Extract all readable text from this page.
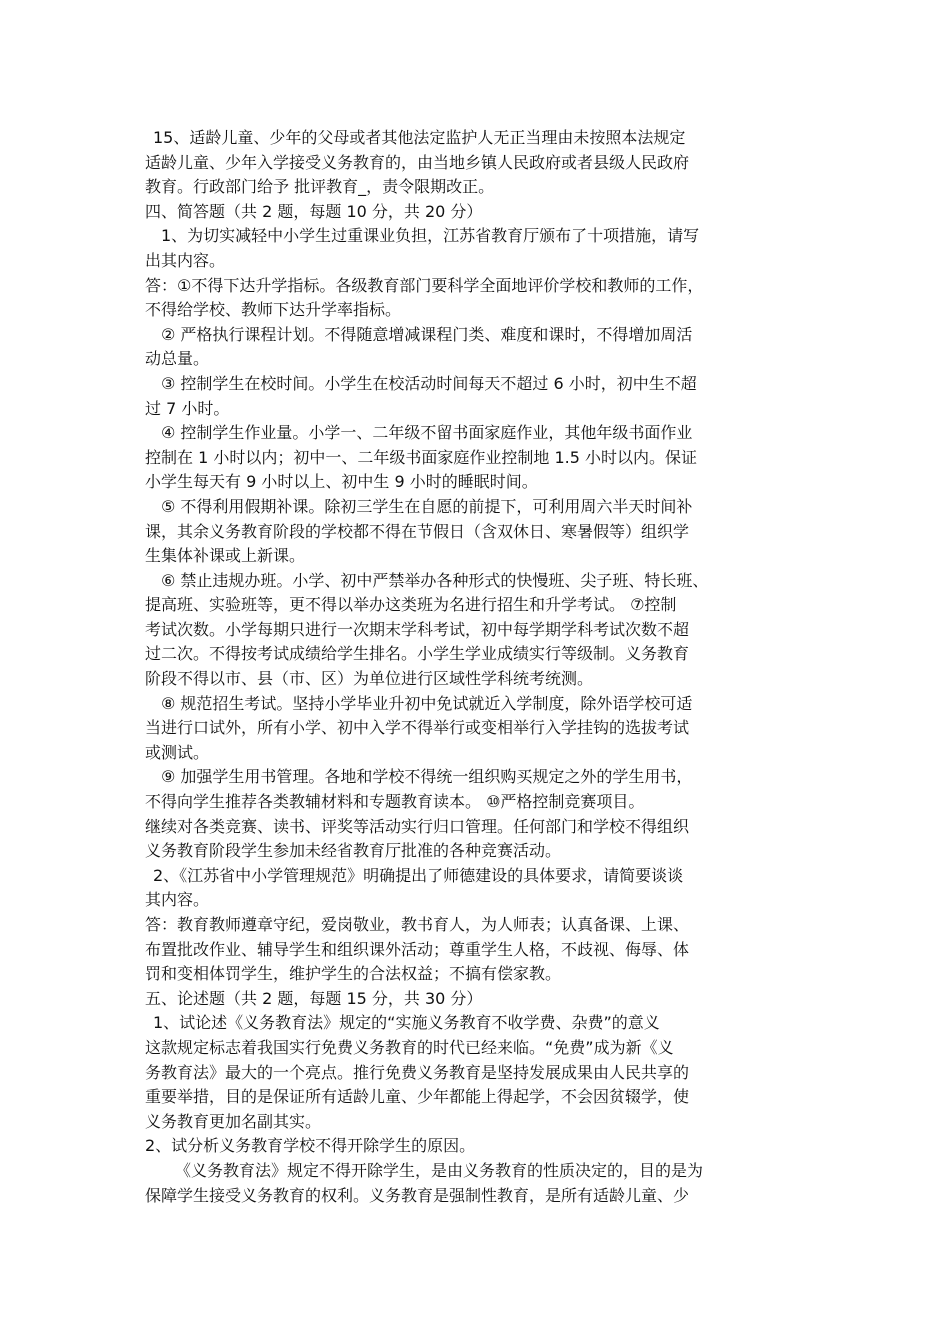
15、适龄儿童、少年的父母或者其他法定监护人无正当理由未按照本法规定
适龄儿童、少年入学接受义务教育的，由当地乡镇人民政府或者县级人民政府
教育。行政部门给予 批评教育_，责令限期改正。
四、简答题（共 2 题，每题 10 分，共 20 分）
1、为切实减轻中小学生过重课业负担，江苏省教育厅颁布了十项措施，请写
出其内容。
答：①不得下达升学指标。各级教育部门要科学全面地评价学校和教师的工作，
不得给学校、教师下达升学率指标。
② 严格执行课程计划。不得随意增减课程门类、难度和课时，不得增加周活
动总量。
③ 控制学生在校时间。小学生在校活动时间每天不超过 6 小时，初中生不超
过 7 小时。
④ 控制学生作业量。小学一、二年级不留书面家庭作业，其他年级书面作业
控制在 1 小时以内；初中一、二年级书面家庭作业控制地 1.5 小时以内。保证
小学生每天有 9 小时以上、初中生 9 小时的睡眠时间。
⑤ 不得利用假期补课。除初三学生在自愿的前提下，可利用周六半天时间补
课，其余义务教育阶段的学校都不得在节假日（含双休日、寒暑假等）组织学
生集体补课或上新课。
⑥ 禁止违规办班。小学、初中严禁举办各种形式的快慢班、尖子班、特长班、
提高班、实验班等，更不得以举办这类班为名进行招生和升学考试。 ⑦控制
考试次数。小学每期只进行一次期末学科考试，初中每学期学科考试次数不超
过二次。不得按考试成绩给学生排名。小学生学业成绩实行等级制。义务教育
阶段不得以市、县（市、区）为单位进行区域性学科统考统测。
⑧ 规范招生考试。坚持小学毕业升初中免试就近入学制度，除外语学校可适
当进行口试外，所有小学、初中入学不得举行或变相举行入学挂钩的选拔考试
或测试。
⑨ 加强学生用书管理。各地和学校不得统一组织购买规定之外的学生用书，
不得向学生推荐各类教辅材料和专题教育读本。 ⑩严格控制竞赛项目。
继续对各类竞赛、读书、评奖等活动实行归口管理。任何部门和学校不得组织
义务教育阶段学生参加未经省教育厅批准的各种竞赛活动。
2、《江苏省中小学管理规范》明确提出了师德建设的具体要求，请简要谈谈
其内容。
答：教育教师遵章守纪，爱岗敬业，教书育人，为人师表；认真备课、上课、
布置批改作业、辅导学生和组织课外活动；尊重学生人格，不歧视、侮辱、体
罚和变相体罚学生，维护学生的合法权益；不搞有偿家教。
五、论述题（共 2 题，每题 15 分，共 30 分）
1、试论述《义务教育法》规定的“实施义务教育不收学费、杂费”的意义
这款规定标志着我国实行免费义务教育的时代已经来临。“免费”成为新《义
务教育法》最大的一个亮点。推行免费义务教育是坚持发展成果由人民共享的
重要举措，目的是保证所有适龄儿童、少年都能上得起学，不会因贫辍学，使
义务教育更加名副其实。
2、试分析义务教育学校不得开除学生的原因。
《义务教育法》规定不得开除学生，是由义务教育的性质决定的，目的是为
保障学生接受义务教育的权利。义务教育是强制性教育，是所有适龄儿童、少
